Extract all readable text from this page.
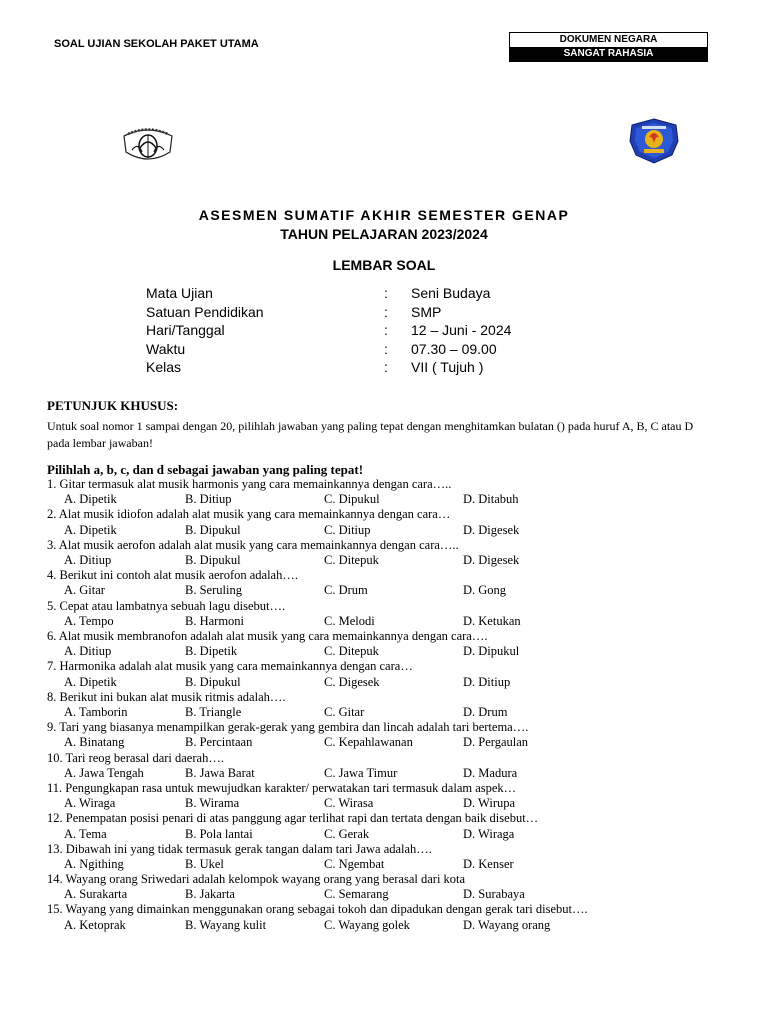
SOAL UJIAN SEKOLAH PAKET UTAMA	DOKUMEN NEGARA
SANGAT RAHASIA
ASESMEN SUMATIF AKHIR SEMESTER GENAP
TAHUN PELAJARAN 2023/2024
LEMBAR SOAL
Mata Ujian	: Seni Budaya
Satuan Pendidikan	: SMP
Hari/Tanggal	: 12 – Juni - 2024
Waktu	: 07.30 – 09.00
Kelas	: VII ( Tujuh )
PETUNJUK KHUSUS:
Untuk soal nomor 1 sampai dengan 20, pilihlah jawaban yang paling tepat dengan menghitamkan bulatan () pada huruf A, B, C atau D pada lembar jawaban!
Pilihlah a, b, c, dan d sebagai jawaban yang paling tepat!
1. Gitar termasuk alat musik harmonis yang cara memainkannya dengan cara…..
A. Dipetik	B. Ditiup	C. Dipukul	D. Ditabuh
2. Alat musik idiofon adalah alat musik yang cara memainkannya dengan cara…
A. Dipetik	B. Dipukul	C. Ditiup	D. Digesek
3. Alat musik aerofon adalah alat musik yang cara memainkannya dengan cara…..
A. Ditiup	B. Dipukul	C. Ditepuk	D. Digesek
4. Berikut ini contoh alat musik aerofon adalah….
A. Gitar	B. Seruling	C. Drum	D. Gong
5. Cepat atau lambatnya sebuah lagu disebut….
A. Tempo	B. Harmoni	C. Melodi	D. Ketukan
6. Alat musik membranofon adalah alat musik yang cara memainkannya dengan cara….
A. Ditiup	B. Dipetik	C. Ditepuk	D. Dipukul
7. Harmonika adalah alat musik yang cara memainkannya dengan cara…
A. Dipetik	B. Dipukul	C. Digesek	D. Ditiup
8. Berikut ini bukan alat musik ritmis adalah….
A. Tamborin	B. Triangle	C. Gitar	D. Drum
9. Tari yang biasanya menampilkan gerak-gerak yang gembira dan lincah adalah tari bertema….
A. Binatang	B. Percintaan	C. Kepahlawanan	D. Pergaulan
10. Tari reog berasal dari daerah….
A. Jawa Tengah	B. Jawa Barat	C. Jawa Timur	D. Madura
11. Pengungkapan rasa untuk mewujudkan karakter/ perwatakan tari termasuk dalam aspek…
A. Wiraga	B. Wirama	C. Wirasa	D. Wirupa
12. Penempatan posisi penari di atas panggung agar terlihat rapi dan tertata dengan baik disebut…
A. Tema	B. Pola lantai	C. Gerak	D. Wiraga
13. Dibawah ini yang tidak termasuk gerak tangan dalam tari Jawa adalah….
A. Ngithing	B. Ukel	C. Ngembat	D. Kenser
14. Wayang orang Sriwedari adalah kelompok wayang orang yang berasal dari kota
A. Surakarta	B. Jakarta	C. Semarang	D. Surabaya
15. Wayang yang dimainkan menggunakan orang sebagai tokoh dan dipadukan dengan gerak tari disebut….
A. Ketoprak	B. Wayang kulit	C. Wayang golek	D. Wayang orang
